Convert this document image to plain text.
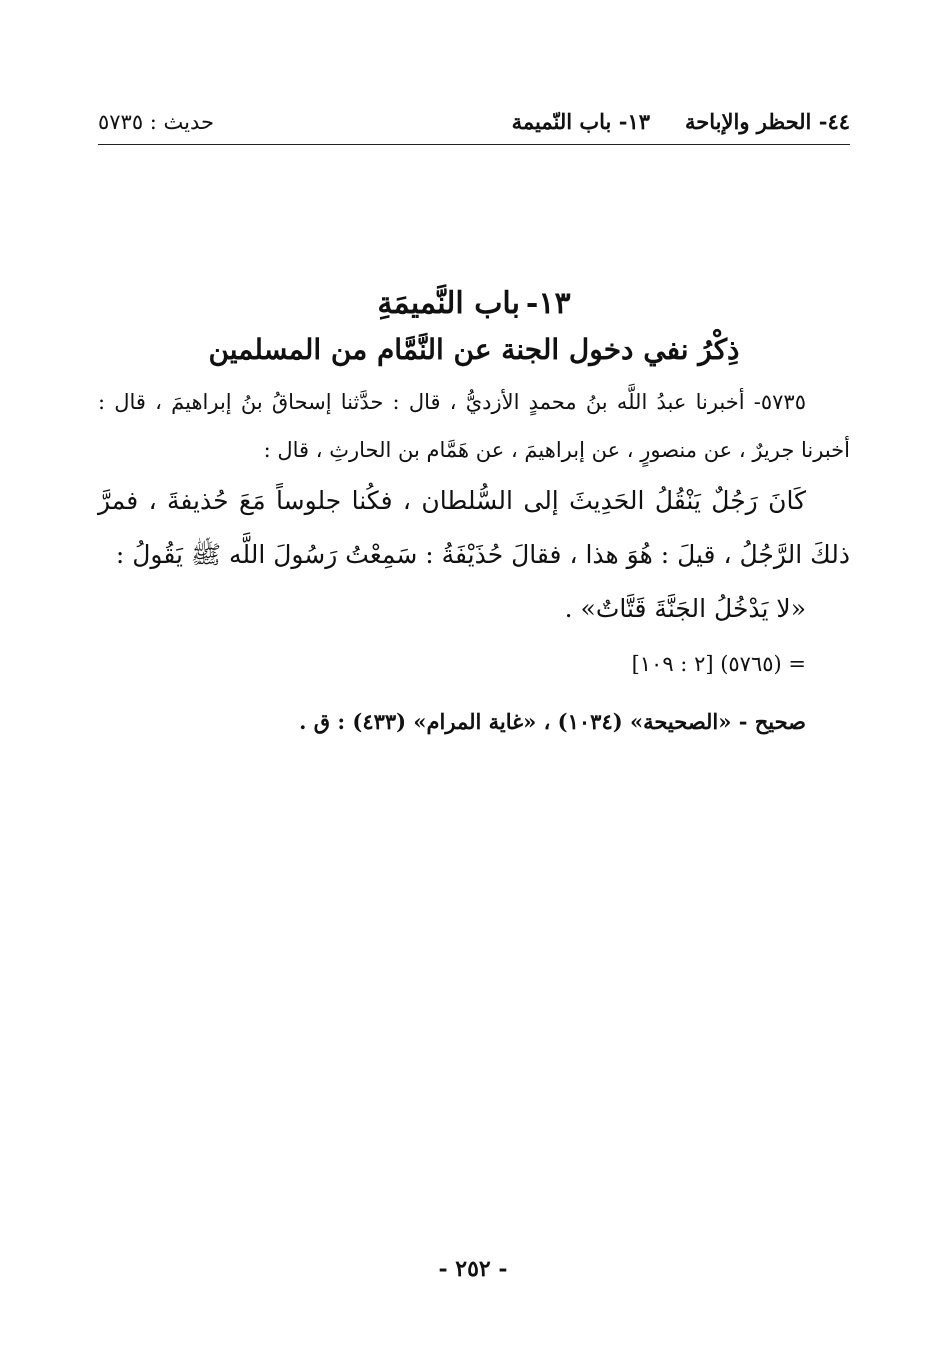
٤٤- الحظر والإباحة
١٣- باب النّميمة
حديث : ٥٧٣٥
١٣-باب النَّميمَةِ
ذِكْرُ نفي دخول الجنة عن النَّمَّام من المسلمين

٥٧٣٥- أخبرنا عبدُ اللَّه بنُ محمدٍ الأزديُّ ، قال : حدَّثنا إسحاقُ بنُ إبراهيمَ ، قال : أخبرنا جريرٌ ، عن منصورٍ ، عن إبراهيمَ ، عن هَمَّام بن الحارثِ ، قال :

كَانَ رَجُلٌ يَنْقُلُ الحَدِيثَ إلى السُّلطان ، فكُنا جلوساً مَعَ حُذيفةَ ، فمرَّ ذلكَ الرَّجُلُ ، قيلَ : هُوَ هذا ، فقالَ حُذَيْفَةُ : سَمِعْتُ رَسُولَ اللَّه ﷺ يَقُولُ :

«لا يَدْخُلُ الجَنَّةَ قَتَّاتٌ» .

= (٥٧٦٥) [٢ : ١٠٩]

صحيح - «الصحيحة» (١٠٣٤) ، «غاية المرام» (٤٣٣) : ق .

- ٢٥٢ -
